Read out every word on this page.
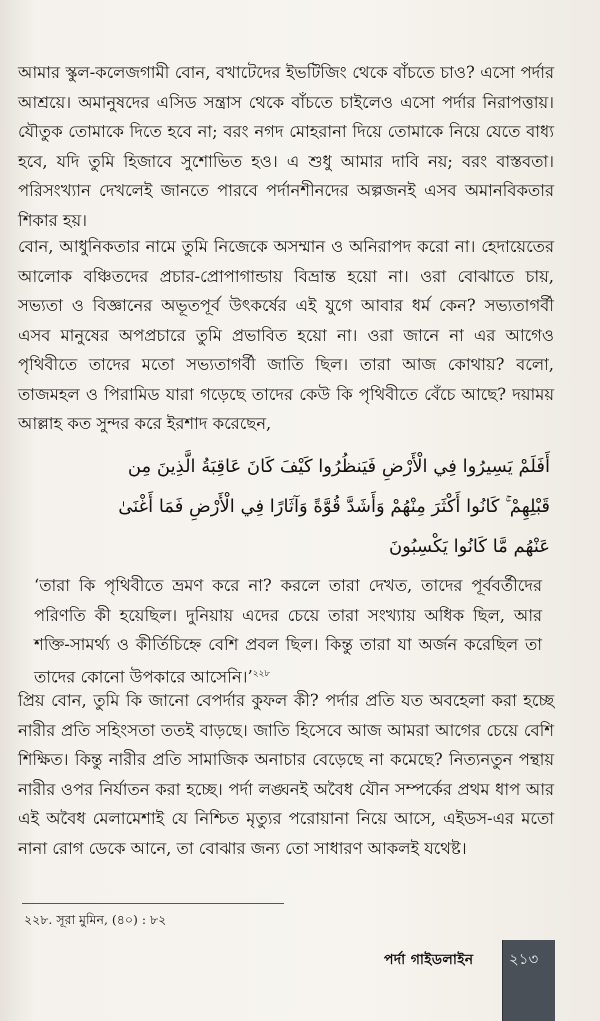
আমার স্কুল-কলেজগামী বোন, বখাটেদের ইভটিজিং থেকে বাঁচতে চাও? এসো পর্দার আশ্রয়ে। অমানুষদের এসিড সন্ত্রাস থেকে বাঁচতে চাইলেও এসো পর্দার নিরাপত্তায়। যৌতুক তোমাকে দিতে হবে না; বরং নগদ মোহরানা দিয়ে তোমাকে নিয়ে যেতে বাধ্য হবে, যদি তুমি হিজাবে সুশোভিত হও। এ শুধু আমার দাবি নয়; বরং বাস্তবতা। পরিসংখ্যান দেখলেই জানতে পারবে পর্দানশীনদের অল্পজনই এসব অমানবিকতার শিকার হয়।

বোন, আধুনিকতার নামে তুমি নিজেকে অসম্মান ও অনিরাপদ করো না। হেদায়েতের আলোক বঞ্চিতদের প্রচার-প্রোপাগান্ডায় বিভ্রান্ত হয়ো না। ওরা বোঝাতে চায়, সভ্যতা ও বিজ্ঞানের অভূতপূর্ব উৎকর্ষের এই যুগে আবার ধর্ম কেন? সভ্যতাগর্বী এসব মানুষের অপপ্রচারে তুমি প্রভাবিত হয়ো না। ওরা জানে না এর আগেও পৃথিবীতে তাদের মতো সভ্যতাগর্বী জাতি ছিল। তারা আজ কোথায়? বলো, তাজমহল ও পিরামিড যারা গড়েছে তাদের কেউ কি পৃথিবীতে বেঁচে আছে? দয়াময় আল্লাহ কত সুন্দর করে ইরশাদ করেছেন,

أَفَلَمْ يَسِيرُوا فِي الْأَرْضِ فَيَنظُرُوا كَيْفَ كَانَ عَاقِبَةُ الَّذِينَ مِن قَبْلِهِمْ ۚ كَانُوا أَكْثَرَ مِنْهُمْ وَأَشَدَّ قُوَّةً وَآثَارًا فِي الْأَرْضِ فَمَا أَغْنَىٰ عَنْهُم مَّا كَانُوا يَكْسِبُونَ

‘তারা কি পৃথিবীতে ভ্রমণ করে না? করলে তারা দেখত, তাদের পূর্ববর্তীদের পরিণতি কী হয়েছিল। দুনিয়ায় এদের চেয়ে তারা সংখ্যায় অধিক ছিল, আর শক্তি-সামর্থ্য ও কীর্তিচিহ্নে বেশি প্রবল ছিল। কিন্তু তারা যা অর্জন করেছিল তা তাদের কোনো উপকারে আসেনি।’$^{২২৮}$

প্রিয় বোন, তুমি কি জানো বেপর্দার কুফল কী? পর্দার প্রতি যত অবহেলা করা হচ্ছে নারীর প্রতি সহিংসতা ততই বাড়ছে। জাতি হিসেবে আজ আমরা আগের চেয়ে বেশি শিক্ষিত। কিন্তু নারীর প্রতি সামাজিক অনাচার বেড়েছে না কমেছে? নিত্যনতুন পন্থায় নারীর ওপর নির্যাতন করা হচ্ছে। পর্দা লঙ্ঘনই অবৈধ যৌন সম্পর্কের প্রথম ধাপ আর এই অবৈধ মেলামেশাই যে নিশ্চিত মৃত্যুর পরোয়ানা নিয়ে আসে, এইডস-এর মতো নানা রোগ ডেকে আনে, তা বোঝার জন্য তো সাধারণ আকলই যথেষ্ট।

২২৮. সূরা মুমিন, (৪০) : ৮২
পর্দা গাইডলাইন ২১৩
